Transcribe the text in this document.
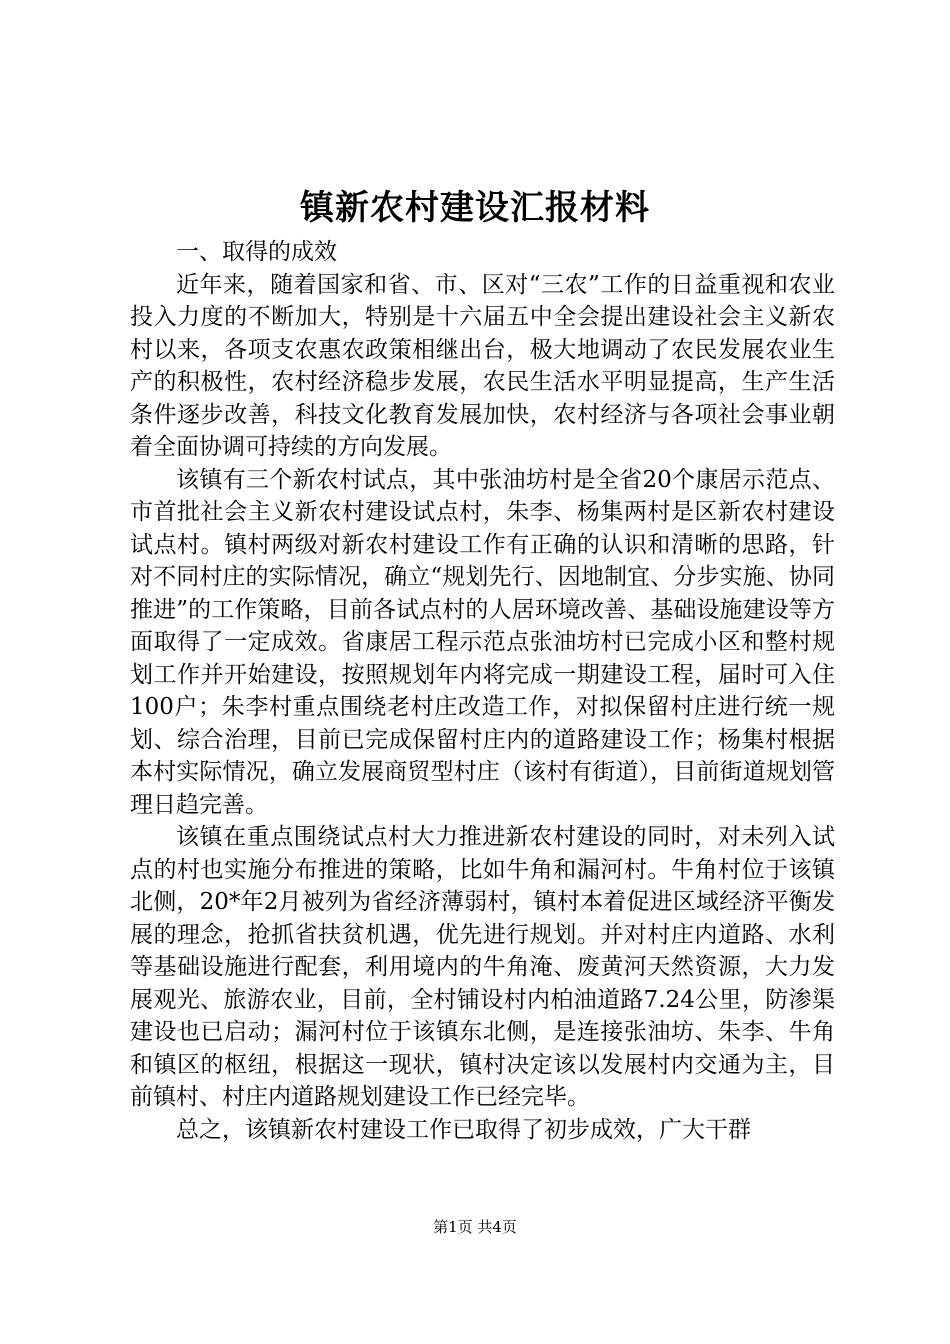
镇新农村建设汇报材料

一、取得的成效

近年来，随着国家和省、市、区对“三农”工作的日益重视和农业投入力度的不断加大，特别是十六届五中全会提出建设社会主义新农村以来，各项支农惠农政策相继出台，极大地调动了农民发展农业生产的积极性，农村经济稳步发展，农民生活水平明显提高，生产生活条件逐步改善，科技文化教育发展加快，农村经济与各项社会事业朝着全面协调可持续的方向发展。

该镇有三个新农村试点，其中张油坊村是全省20个康居示范点、市首批社会主义新农村建设试点村，朱李、杨集两村是区新农村建设试点村。镇村两级对新农村建设工作有正确的认识和清晰的思路，针对不同村庄的实际情况，确立“规划先行、因地制宜、分步实施、协同推进”的工作策略，目前各试点村的人居环境改善、基础设施建设等方面取得了一定成效。省康居工程示范点张油坊村已完成小区和整村规划工作并开始建设，按照规划年内将完成一期建设工程，届时可入住100户；朱李村重点围绕老村庄改造工作，对拟保留村庄进行统一规划、综合治理，目前已完成保留村庄内的道路建设工作；杨集村根据本村实际情况，确立发展商贸型村庄（该村有街道），目前街道规划管理日趋完善。

该镇在重点围绕试点村大力推进新农村建设的同时，对未列入试点的村也实施分布推进的策略，比如牛角和漏河村。牛角村位于该镇北侧，20*年2月被列为省经济薄弱村，镇村本着促进区域经济平衡发展的理念，抢抓省扶贫机遇，优先进行规划。并对村庄内道路、水利等基础设施进行配套，利用境内的牛角淹、废黄河天然资源，大力发展观光、旅游农业，目前，全村铺设村内柏油道路7.24公里，防渗渠建设也已启动；漏河村位于该镇东北侧，是连接张油坊、朱李、牛角和镇区的枢纽，根据这一现状，镇村决定该以发展村内交通为主，目前镇村、村庄内道路规划建设工作已经完毕。

总之，该镇新农村建设工作已取得了初步成效，广大干群

第1页 共4页
